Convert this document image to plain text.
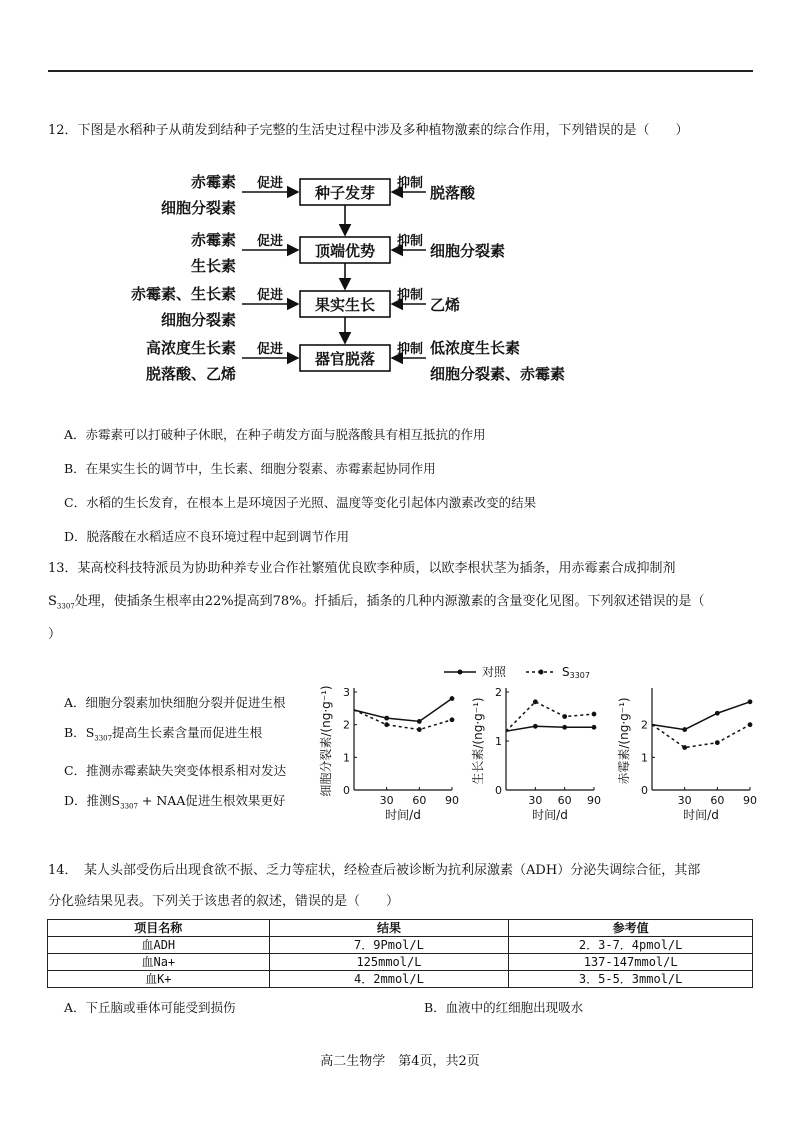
12．下图是水稻种子从萌发到结种子完整的生活史过程中涉及多种植物激素的综合作用，下列错误的是（　　）
种子发芽
促进	抑制
赤霉素
细胞分裂素
脱落酸
顶端优势
促进	抑制
赤霉素
生长素
细胞分裂素
果实生长
促进	抑制
赤霉素、生长素
细胞分裂素
乙烯
器官脱落
促进	抑制
高浓度生长素
脱落酸、乙烯
低浓度生长素
细胞分裂素、赤霉素
A．赤霉素可以打破种子休眠，在种子萌发方面与脱落酸具有相互抵抗的作用
B．在果实生长的调节中，生长素、细胞分裂素、赤霉素起协同作用
C．水稻的生长发育，在根本上是环境因子光照、温度等变化引起体内激素改变的结果
D．脱落酸在水稻适应不良环境过程中起到调节作用
13．某高校科技特派员为协助种养专业合作社繁殖优良欧李种质，以欧李根状茎为插条，用赤霉素合成抑制剂
$S_{3307}$处理，使插条生根率由22%提高到78%。扦插后，插条的几种内源激素的含量变化见图。下列叙述错误的是（
）
A．细胞分裂素加快细胞分裂并促进生根
B．$S_{3307}$提高生长素含量而促进生根
C．推测赤霉素缺失突变体根系相对发达
D．推测$S_{3307}$ + NAA促进生根效果更好
对照	S3307
0
1
2
3
30 60 90
时间/d
细胞分裂素/(ng·g⁻¹)	0
1
2
30 60 90
时间/d
生长素/(ng·g⁻¹)
0
1
2
30 60 90
时间/d
赤霉素/(ng·g⁻¹)
14．　某人头部受伤后出现食欲不振、乏力等症状，经检查后被诊断为抗利尿激素（ADH）分泌失调综合征，其部
分化验结果见表。下列关于该患者的叙述，错误的是（　　）
项目名称	结果	参考值
血ADH	7．9Pmol/L	2．3-7．4pmol/L
血Na+	125mmol/L	137-147mmol/L
血K+	4．2mmol/L	3．5-5．3mmol/L
A．下丘脑或垂体可能受到损伤	B．血液中的红细胞出现吸水
高二生物学　第4页，共2页
